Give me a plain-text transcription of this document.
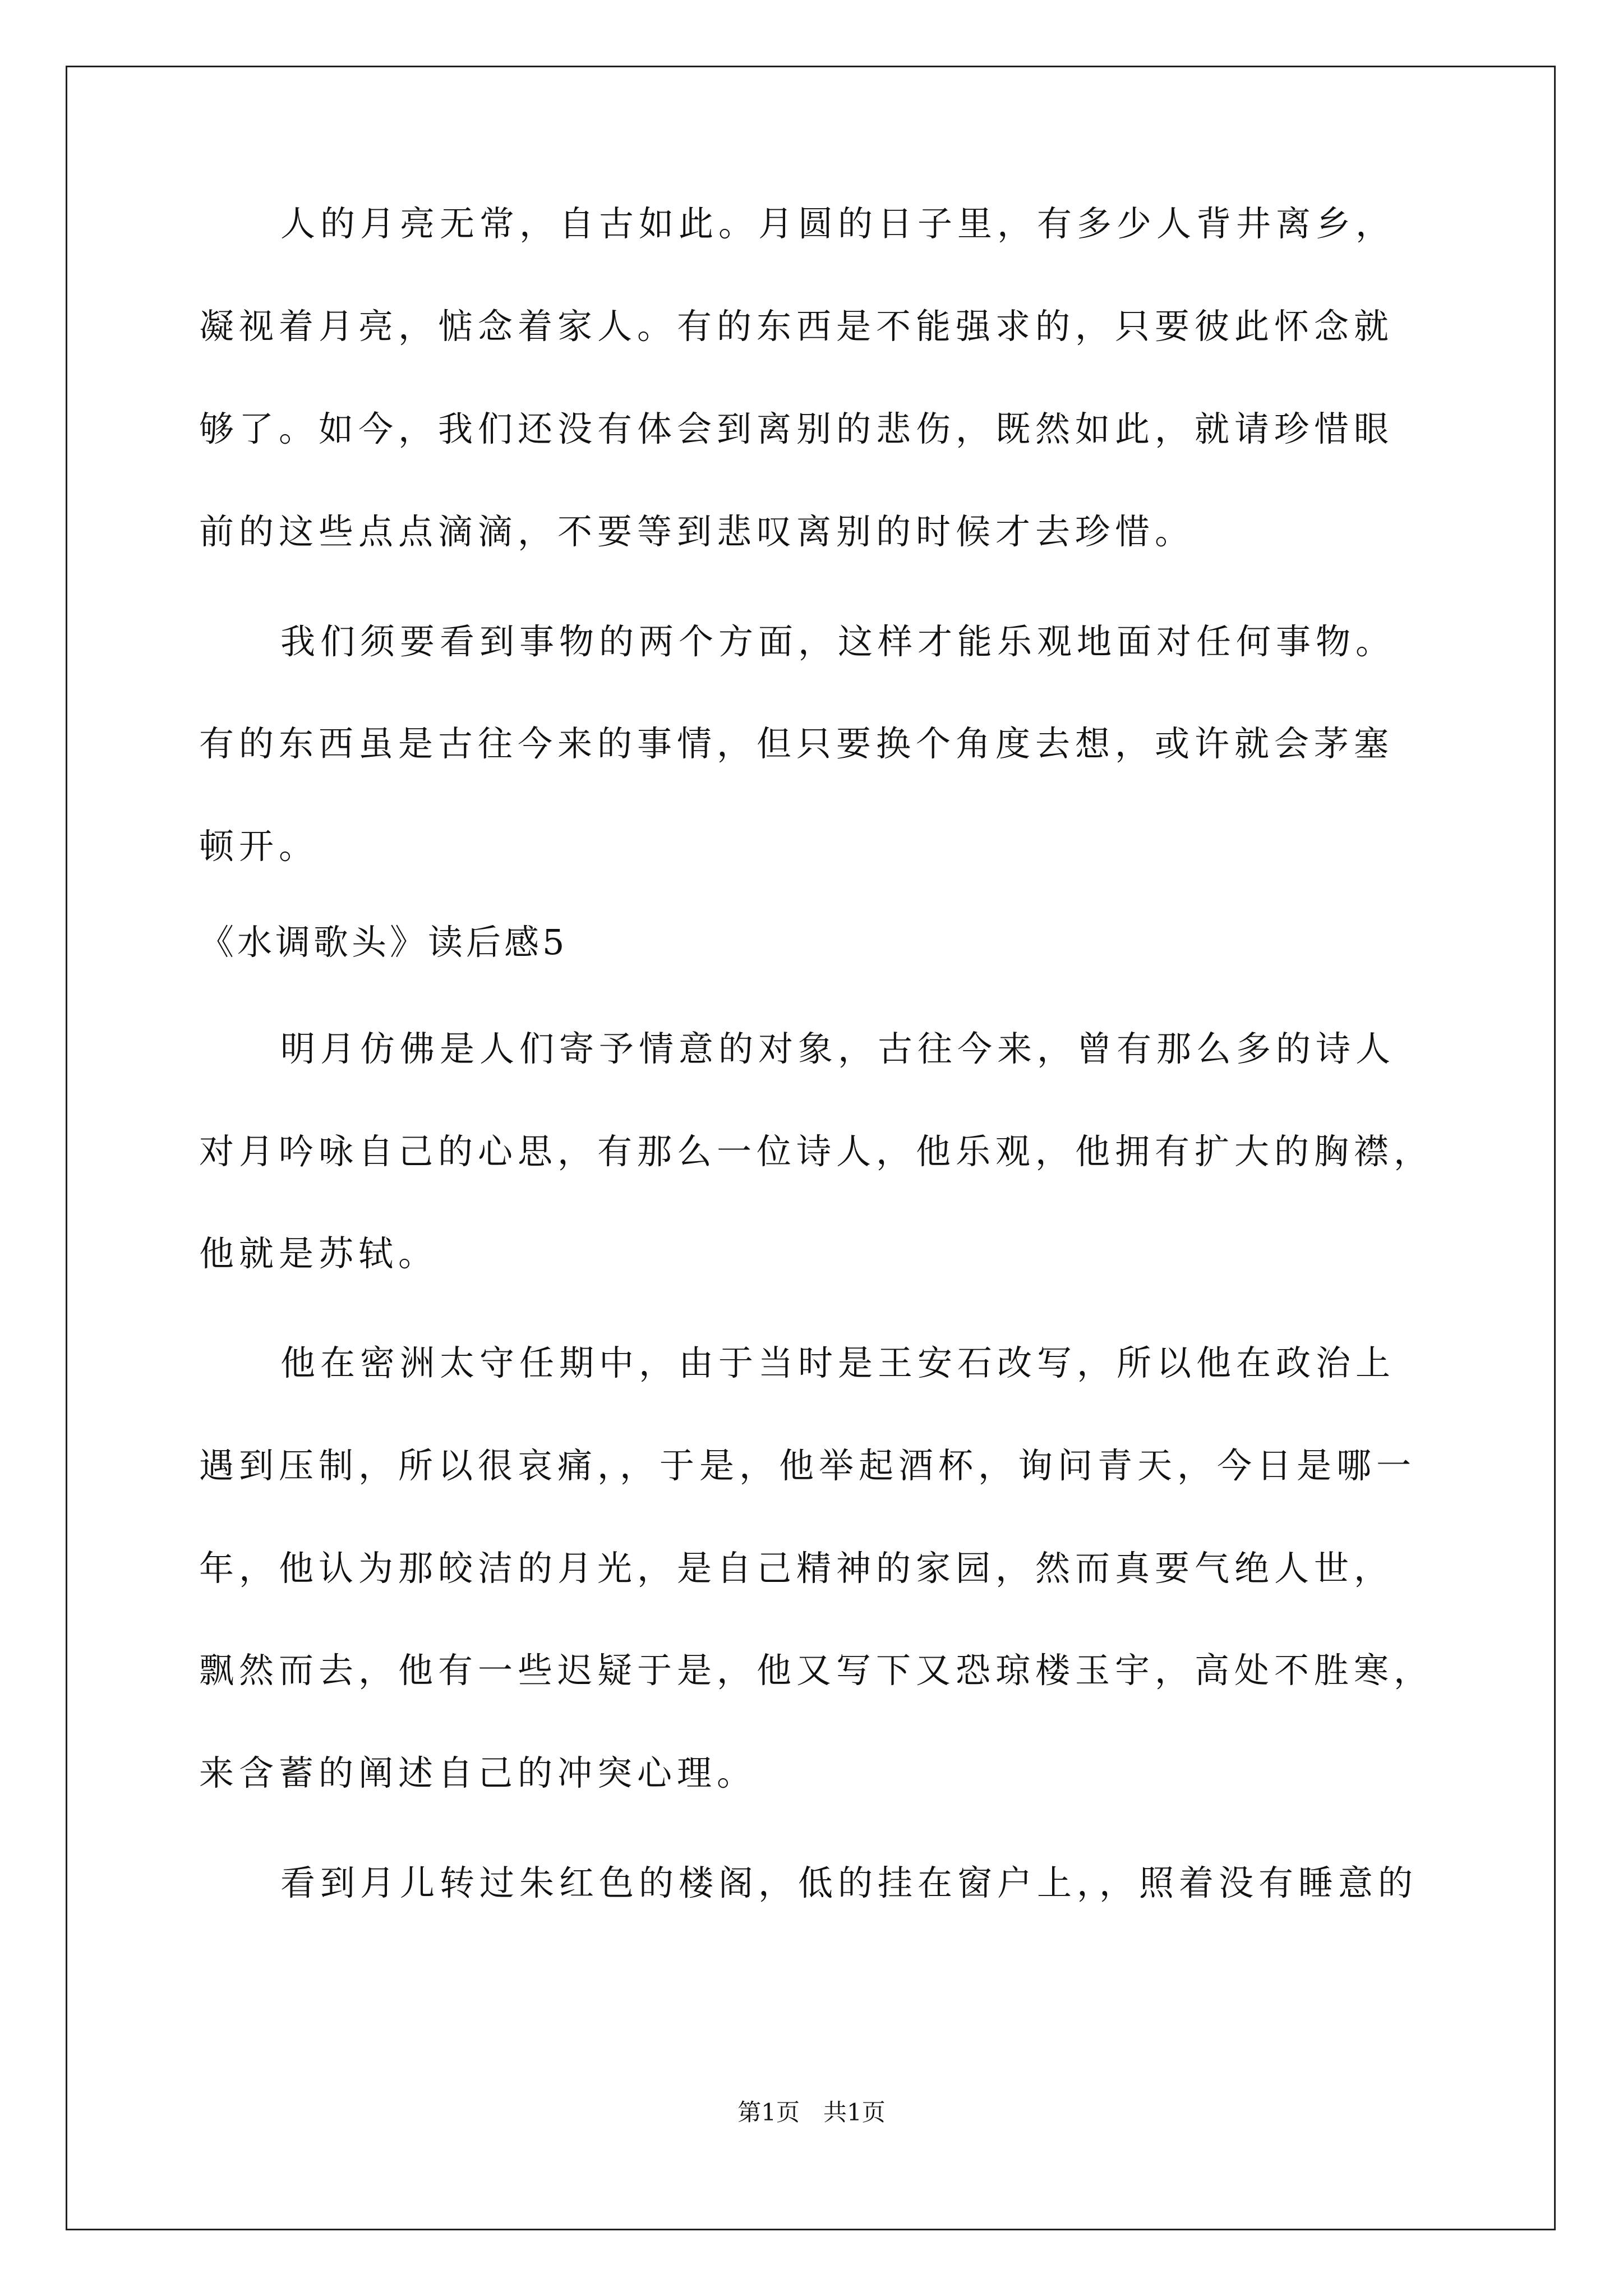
人的月亮无常，自古如此。月圆的日子里，有多少人背井离乡，
凝视着月亮，惦念着家人。有的东西是不能强求的，只要彼此怀念就
够了。如今，我们还没有体会到离别的悲伤，既然如此，就请珍惜眼
前的这些点点滴滴，不要等到悲叹离别的时候才去珍惜。
我们须要看到事物的两个方面，这样才能乐观地面对任何事物。
有的东西虽是古往今来的事情，但只要换个角度去想，或许就会茅塞
顿开。
《水调歌头》读后感5
明月仿佛是人们寄予情意的对象，古往今来，曾有那么多的诗人
对月吟咏自己的心思，有那么一位诗人，他乐观，他拥有扩大的胸襟，
他就是苏轼。
他在密洲太守任期中，由于当时是王安石改写，所以他在政治上
遇到压制，所以很哀痛，，于是，他举起酒杯，询问青天，今日是哪一
年，他认为那皎洁的月光，是自己精神的家园，然而真要气绝人世，
飘然而去，他有一些迟疑于是，他又写下又恐琼楼玉宇，高处不胜寒，
来含蓄的阐述自己的冲突心理。
看到月儿转过朱红色的楼阁，低的挂在窗户上，，照着没有睡意的
第1页　共1页
